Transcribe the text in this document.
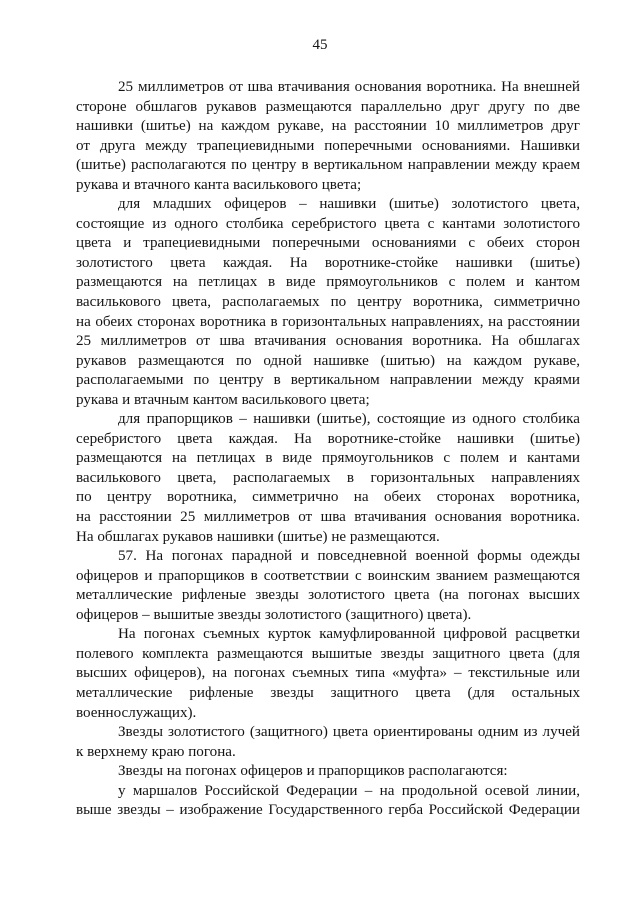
45
25 миллиметров от шва втачивания основания воротника. На внешней
стороне обшлагов рукавов размещаются параллельно друг другу по две
нашивки (шитье) на каждом рукаве, на расстоянии 10 миллиметров друг
от друга между трапециевидными поперечными основаниями. Нашивки
(шитье) располагаются по центру в вертикальном направлении между краем
рукава и втачного канта василькового цвета;
для младших офицеров – нашивки (шитье) золотистого цвета,
состоящие из одного столбика серебристого цвета с кантами золотистого
цвета и трапециевидными поперечными основаниями с обеих сторон
золотистого цвета каждая. На воротнике-стойке нашивки (шитье)
размещаются на петлицах в виде прямоугольников с полем и кантом
василькового цвета, располагаемых по центру воротника, симметрично
на обеих сторонах воротника в горизонтальных направлениях, на расстоянии
25 миллиметров от шва втачивания основания воротника. На обшлагах
рукавов размещаются по одной нашивке (шитью) на каждом рукаве,
располагаемыми по центру в вертикальном направлении между краями
рукава и втачным кантом василькового цвета;
для прапорщиков – нашивки (шитье), состоящие из одного столбика
серебристого цвета каждая. На воротнике-стойке нашивки (шитье)
размещаются на петлицах в виде прямоугольников с полем и кантами
василькового цвета, располагаемых в горизонтальных направлениях
по центру воротника, симметрично на обеих сторонах воротника,
на расстоянии 25 миллиметров от шва втачивания основания воротника.
На обшлагах рукавов нашивки (шитье) не размещаются.
57. На погонах парадной и повседневной военной формы одежды
офицеров и прапорщиков в соответствии с воинским званием размещаются
металлические рифленые звезды золотистого цвета (на погонах высших
офицеров – вышитые звезды золотистого (защитного) цвета).
На погонах съемных курток камуфлированной цифровой расцветки
полевого комплекта размещаются вышитые звезды защитного цвета (для
высших офицеров), на погонах съемных типа «муфта» – текстильные или
металлические рифленые звезды защитного цвета (для остальных
военнослужащих).
Звезды золотистого (защитного) цвета ориентированы одним из лучей
к верхнему краю погона.
Звезды на погонах офицеров и прапорщиков располагаются:
у маршалов Российской Федерации – на продольной осевой линии,
выше звезды – изображение Государственного герба Российской Федерации
